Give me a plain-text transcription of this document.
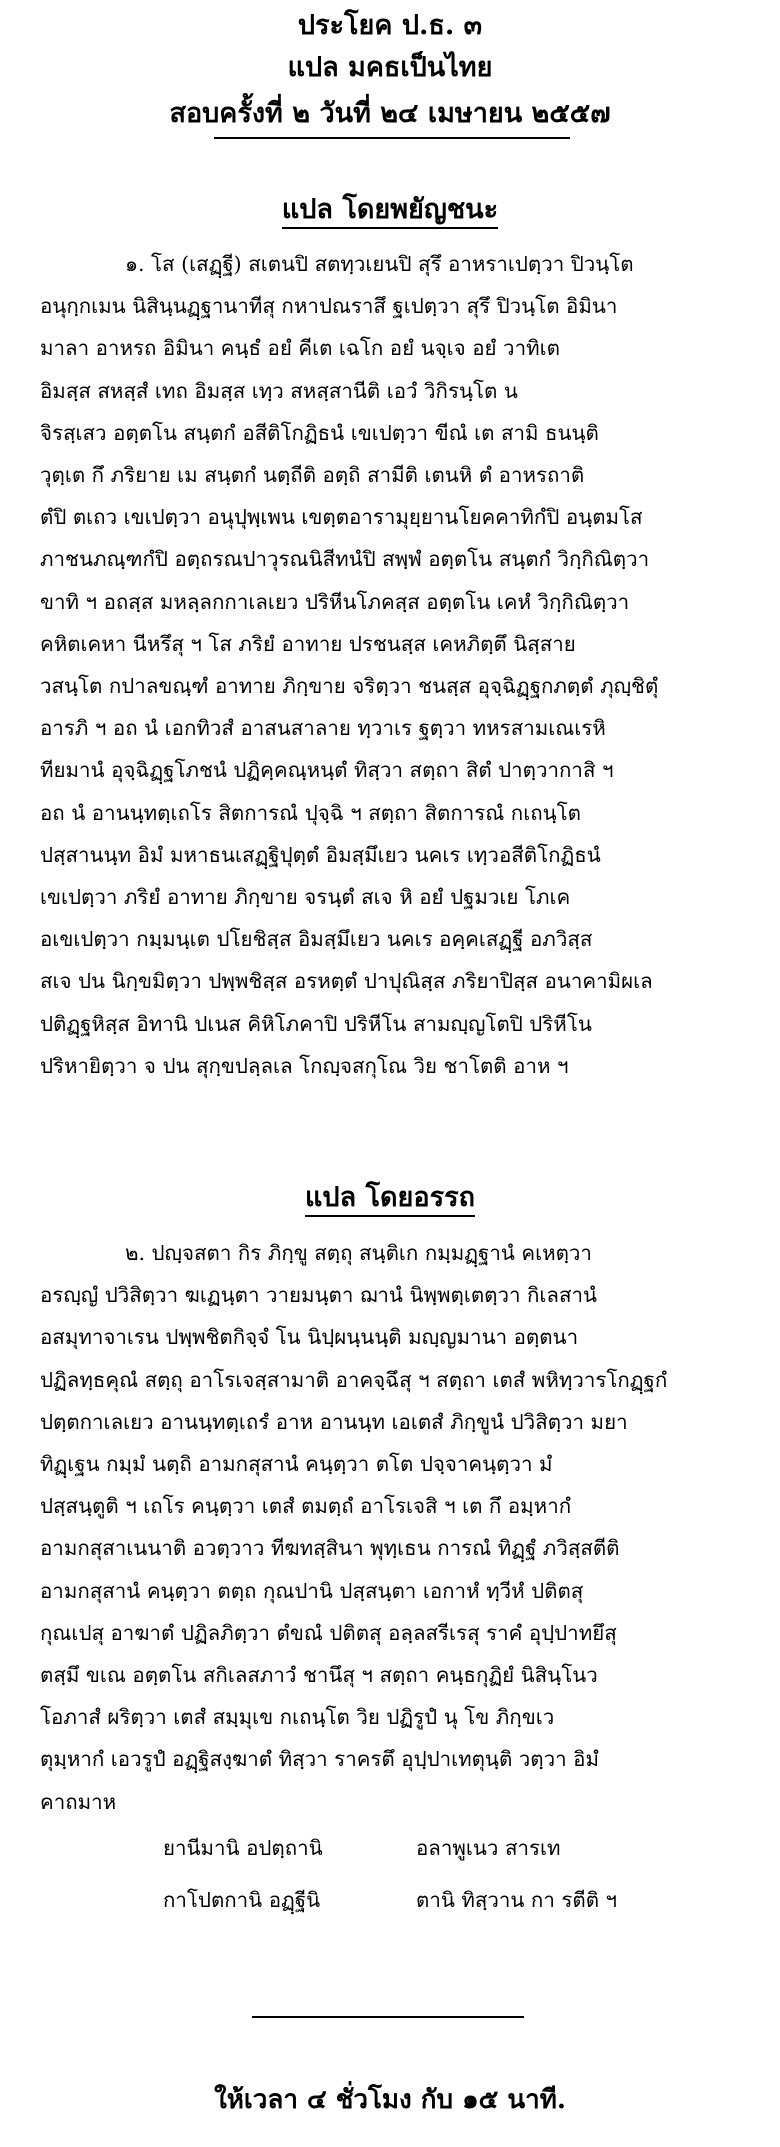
ประโยค ป.ธ. ๓
แปล มคธเป็นไทย
สอบครั้งที่ ๒ วันที่ ๒๔ เมษายน ๒๕๕๗
แปล โดยพยัญชนะ
๑. โส (เสฏฺฐี) สเตนปิ สตทฺวเยนปิ สุรึ อาหราเปตฺวา ปิวนฺโต
อนุกฺกเมน นิสินฺนฏฺฐานาทีสุ กหาปณราสึ ฐเปตฺวา สุรึ ปิวนฺโต อิมินา
มาลา อาหรถ อิมินา คนฺธํ อยํ คีเต เฉโก อยํ นจฺเจ อยํ วาทิเต
อิมสฺส สหสฺสํ เทถ อิมสฺส เทฺว สหสฺสานีติ เอวํ วิกิรนฺโต น
จิรสฺเสว อตฺตโน สนฺตกํ อสีติโกฏิธนํ เขเปตฺวา ขีณํ เต สามิ ธนนฺติ
วุตฺเต กึ ภริยาย เม สนฺตกํ นตฺถีติ อตฺถิ สามีติ เตนหิ ตํ อาหรถาติ
ตํปิ ตเถว เขเปตฺวา อนุปุพฺเพน เขตฺตอารามุยฺยานโยคคาทิกํปิ อนฺตมโส
ภาชนภณฺฑกํปิ อตฺถรณปาวุรณนิสีทนํปิ สพฺพํ อตฺตโน สนฺตกํ วิกฺกิณิตฺวา
ขาทิ ฯ อถสฺส มหลฺลกกาเลเยว ปริหีนโภคสฺส อตฺตโน เคหํ วิกฺกิณิตฺวา
คหิตเคหา นีหรึสุ ฯ โส ภริยํ อาทาย ปรชนสฺส เคหภิตฺตึ นิสฺสาย
วสนฺโต กปาลขณฺฑํ อาทาย ภิกฺขาย จริตฺวา ชนสฺส อุจฺฉิฏฺฐกภตฺตํ ภุญฺชิตุํ
อารภิ ฯ อถ นํ เอกทิวสํ อาสนสาลาย ทฺวาเร ฐตฺวา ทหรสามเณเรหิ
ทียมานํ อุจฺฉิฏฺฐโภชนํ ปฏิคฺคณฺหนฺตํ ทิสฺวา สตฺถา สิตํ ปาตฺวากาสิ ฯ
อถ นํ อานนฺทตฺเถโร สิตการณํ ปุจฺฉิ ฯ สตฺถา สิตการณํ กเถนฺโต
ปสฺสานนฺท อิมํ มหาธนเสฏฺฐิปุตฺตํ อิมสฺมึเยว นคเร เทฺวอสีติโกฏิธนํ
เขเปตฺวา ภริยํ อาทาย ภิกฺขาย จรนฺตํ สเจ หิ อยํ ปฐมวเย โภเค
อเขเปตฺวา กมฺมนฺเต ปโยชิสฺส อิมสฺมึเยว นคเร อคฺคเสฏฺฐี อภวิสฺส
สเจ ปน นิกฺขมิตฺวา ปพฺพชิสฺส อรหตฺตํ ปาปุณิสฺส ภริยาปิสฺส อนาคามิผเล
ปติฏฺฐหิสฺส อิทานิ ปเนส คิหิโภคาปิ ปริหีโน สามญฺญโตปิ ปริหีโน
ปริหายิตฺวา จ ปน สุกฺขปลฺลเล โกญฺจสกุโณ วิย ชาโตติ อาห ฯ
แปล โดยอรรถ
๒. ปญฺจสตา กิร ภิกฺขู สตฺถุ สนฺติเก กมฺมฏฺฐานํ คเหตฺวา
อรญฺญํ ปวิสิตฺวา ฆเฏนฺตา วายมนฺตา ฌานํ นิพฺพตฺเตตฺวา กิเลสานํ
อสมุทาจาเรน ปพฺพชิตกิจฺจํ โน นิปฺผนฺนนฺติ มญฺญมานา อตฺตนา
ปฏิลทฺธคุณํ สตฺถุ อาโรเจสฺสามาติ อาคจฺฉึสุ ฯ สตฺถา เตสํ พหิทฺวารโกฏฺฐกํ
ปตฺตกาเลเยว อานนฺทตฺเถรํ อาห อานนฺท เอเตสํ ภิกฺขูนํ ปวิสิตฺวา มยา
ทิฏฺเฐน กมฺมํ นตฺถิ อามกสุสานํ คนฺตฺวา ตโต ปจฺจาคนฺตฺวา มํ
ปสฺสนฺตูติ ฯ เถโร คนฺตฺวา เตสํ ตมตฺถํ อาโรเจสิ ฯ เต กึ อมฺหากํ
อามกสุสาเนนาติ อวตฺวาว ทีฆทสฺสินา พุทฺเธน การณํ ทิฏฺฐํ ภวิสฺสตีติ
อามกสุสานํ คนฺตฺวา ตตฺถ กุณปานิ ปสฺสนฺตา เอกาหํ ทฺวีหํ ปติตสุ
กุณเปสุ อาฆาตํ ปฏิลภิตฺวา ตํขณํ ปติตสุ อลฺลสรีเรสุ ราคํ อุปฺปาทยึสุ
ตสฺมึ ขเณ อตฺตโน สกิเลสภาวํ ชานึสุ ฯ สตฺถา คนฺธกุฏิยํ นิสินฺโนว
โอภาสํ ผริตฺวา เตสํ สมฺมุเข กเถนฺโต วิย ปฏิรูปํ นุ โข ภิกฺขเว
ตุมฺหากํ เอวรูปํ อฏฺฐิสงฺฆาตํ ทิสฺวา ราครตึ อุปฺปาเทตุนฺติ วตฺวา อิมํ
คาถมาห
ยานีมานิ อปตฺถานิ	อลาพูเนว สารเท
กาโปตกานิ อฏฺฐีนิ	ตานิ ทิสฺวาน กา รตีติ ฯ
ให้เวลา ๔ ชั่วโมง กับ ๑๕ นาที.
